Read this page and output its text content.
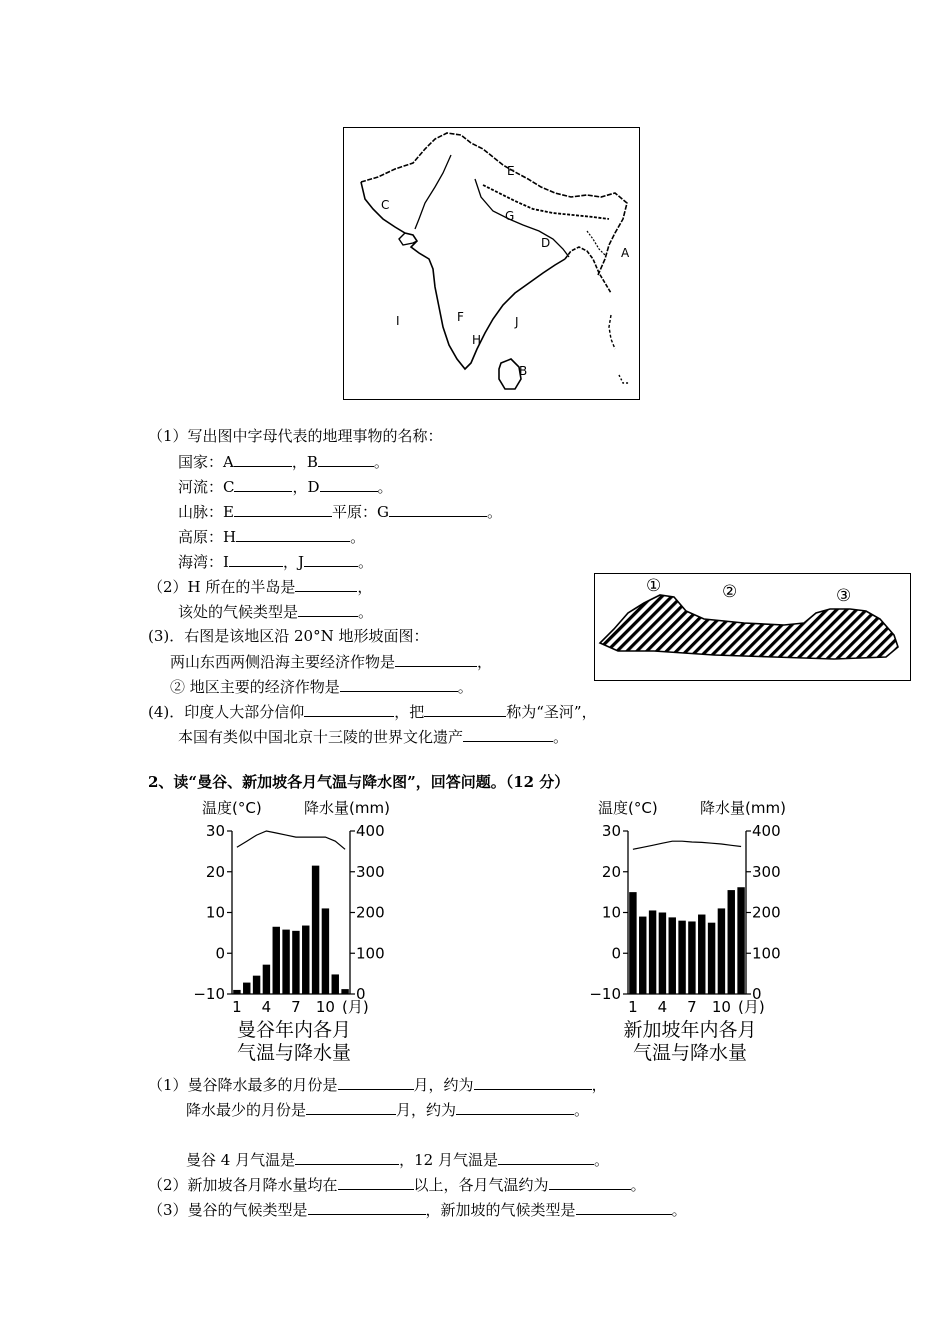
A
B
C
D
E
F
G
H
I	J
（1）写出图中字母代表的地理事物的名称：
国家：A	，B	。
河流：C	，D	。
山脉：E	平原：G	。
高原：H	。
海湾：I	，J	。
（2）H 所在的半岛是	，
该处的气候类型是	。
(3)．右图是该地区沿 20°N 地形坡面图：
两山东西两侧沿海主要经济作物是	，
② 地区主要的经济作物是	。
(4)．印度人大部分信仰	，把	称为“圣河”，
本国有类似中国北京十三陵的世界文化遗产	。
①	②	③
2、读“曼谷、新加坡各月气温与降水图”，回答问题。（12 分）
温度(°C)	降水量(mm)
30
20
10
0
−10
400
300
200
100
0
1 4 7 10 (月)
曼谷年内各月
气温与降水量
温度(°C)	降水量(mm)
30
20
10
0
−10
400
300
200
100
0
1 4 7 10 (月)
新加坡年内各月
气温与降水量
（1）曼谷降水最多的月份是	月，约为	，
降水最少的月份是	月，约为	。
曼谷 4 月气温是	，12 月气温是	。
（2）新加坡各月降水量均在	以上，各月气温约为	。
（3）曼谷的气候类型是	，新加坡的气候类型是	。
